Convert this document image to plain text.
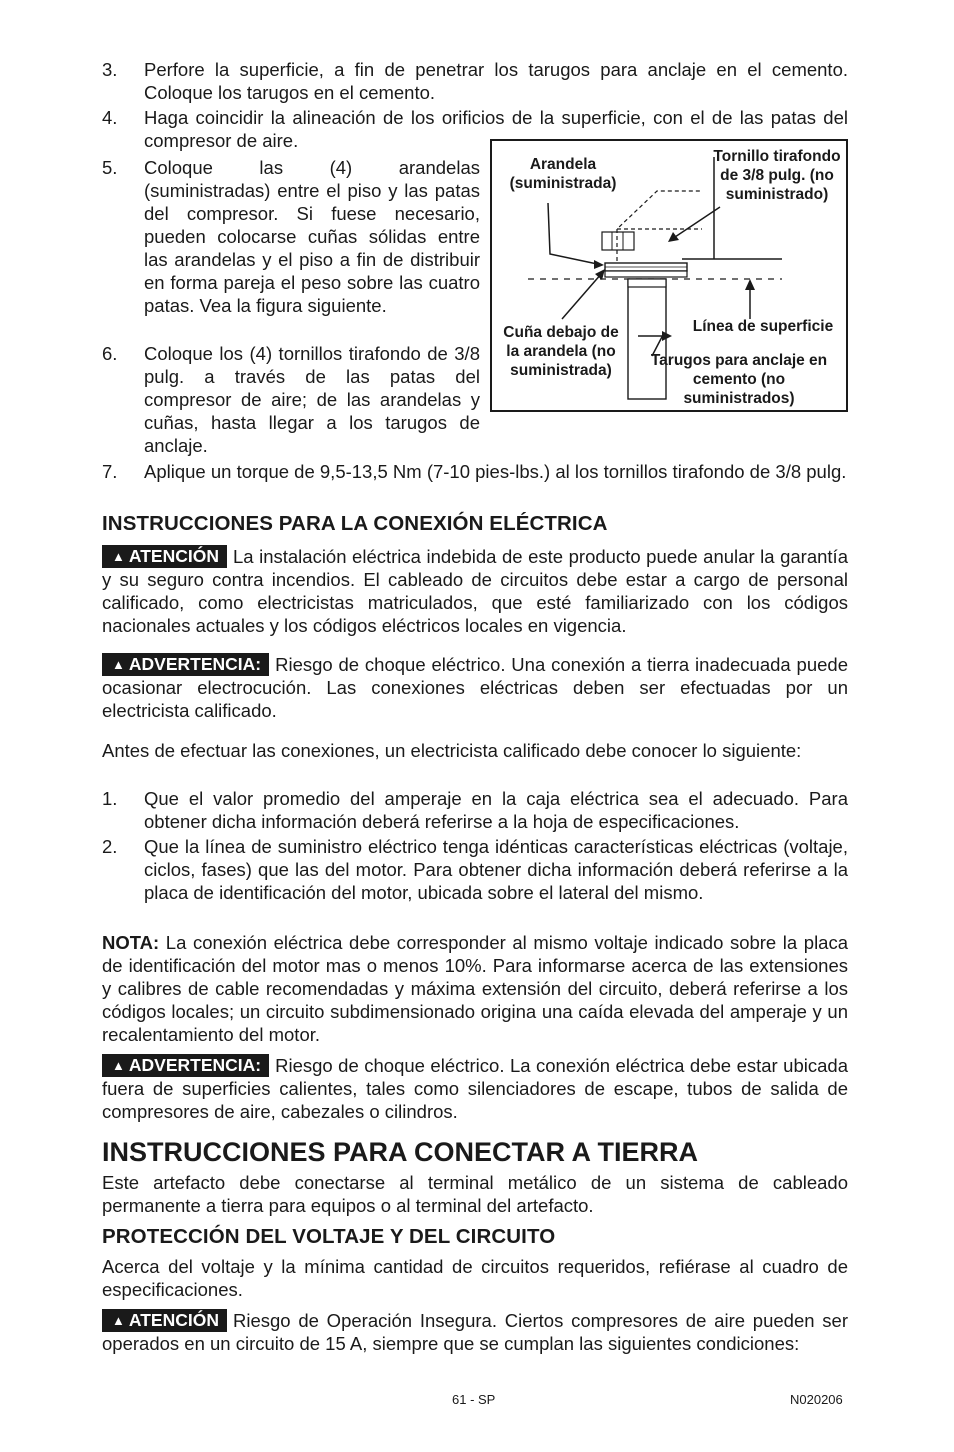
3.	Perfore la superficie, a fin de penetrar los tarugos para anclaje en el cemento. Coloque los tarugos en el cemento.
4.	Haga coincidir la alineación de los orificios de la superficie, con el de las patas del compresor de aire.
5.	Coloque las (4) arandelas (suministradas) entre el piso y las patas del compresor. Si fuese necesario, pueden colocarse cuñas sólidas entre las arandelas y el piso a fin de distribuir en forma pareja el peso sobre las cuatro patas. Vea la figura siguiente.
6.	Coloque los (4) tornillos tirafondo de 3/8 pulg. a través de las patas del compresor de aire; de las arandelas y cuñas, hasta llegar a los tarugos de anclaje.
7.	Aplique un torque de 9,5-13,5 Nm (7-10 pies-lbs.) al los tornillos tirafondo de 3/8 pulg.
Arandela (suministrada)
Tornillo tirafondo de 3/8 pulg. (no suministrado)
Cuña debajo de la arandela (no suministrada)
Línea de superficie
Tarugos para anclaje en cemento (no suministrados)
INSTRUCCIONES PARA LA CONEXIÓN ELÉCTRICA
▲ ATENCIÓN La instalación eléctrica indebida de este producto puede anular la garantía y su seguro contra incendios. El cableado de circuitos debe estar a cargo de personal calificado, como electricistas matriculados, que esté familiarizado con los códigos nacionales actuales y los códigos eléctricos locales en vigencia.
▲ ADVERTENCIA: Riesgo de choque eléctrico. Una conexión a tierra inadecuada puede ocasionar electrocución. Las conexiones eléctricas deben ser efectuadas por un electricista calificado.
Antes de efectuar las conexiones, un electricista calificado debe conocer lo siguiente:
1.	Que el valor promedio del amperaje en la caja eléctrica sea el adecuado. Para obtener dicha información deberá referirse a la hoja de especificaciones.
2.	Que la línea de suministro eléctrico tenga idénticas características eléctricas (voltaje, ciclos, fases) que las del motor. Para obtener dicha información deberá referirse a la placa de identificación del motor, ubicada sobre el lateral del mismo.
NOTA: La conexión eléctrica debe corresponder al mismo voltaje indicado sobre la placa de identificación del motor mas o menos 10%. Para informarse acerca de las extensiones y calibres de cable recomendadas y máxima extensión del circuito, deberá referirse a los códigos locales; un circuito subdimensionado origina una caída elevada del amperaje y un recalentamiento del motor.
▲ ADVERTENCIA: Riesgo de choque eléctrico. La conexión eléctrica debe estar ubicada fuera de superficies calientes, tales como silenciadores de escape, tubos de salida de compresores de aire, cabezales o cilindros.
INSTRUCCIONES PARA CONECTAR A TIERRA
Este artefacto debe conectarse al terminal metálico de un sistema de cableado permanente a tierra para equipos o al terminal del artefacto.
PROTECCIÓN DEL VOLTAJE Y DEL CIRCUITO
Acerca del voltaje y la mínima cantidad de circuitos requeridos, refiérase al cuadro de especificaciones.
▲ ATENCIÓN Riesgo de Operación Insegura. Ciertos compresores de aire pueden ser operados en un circuito de 15 A, siempre que se cumplan las siguientes condiciones:
61 - SP	N020206
